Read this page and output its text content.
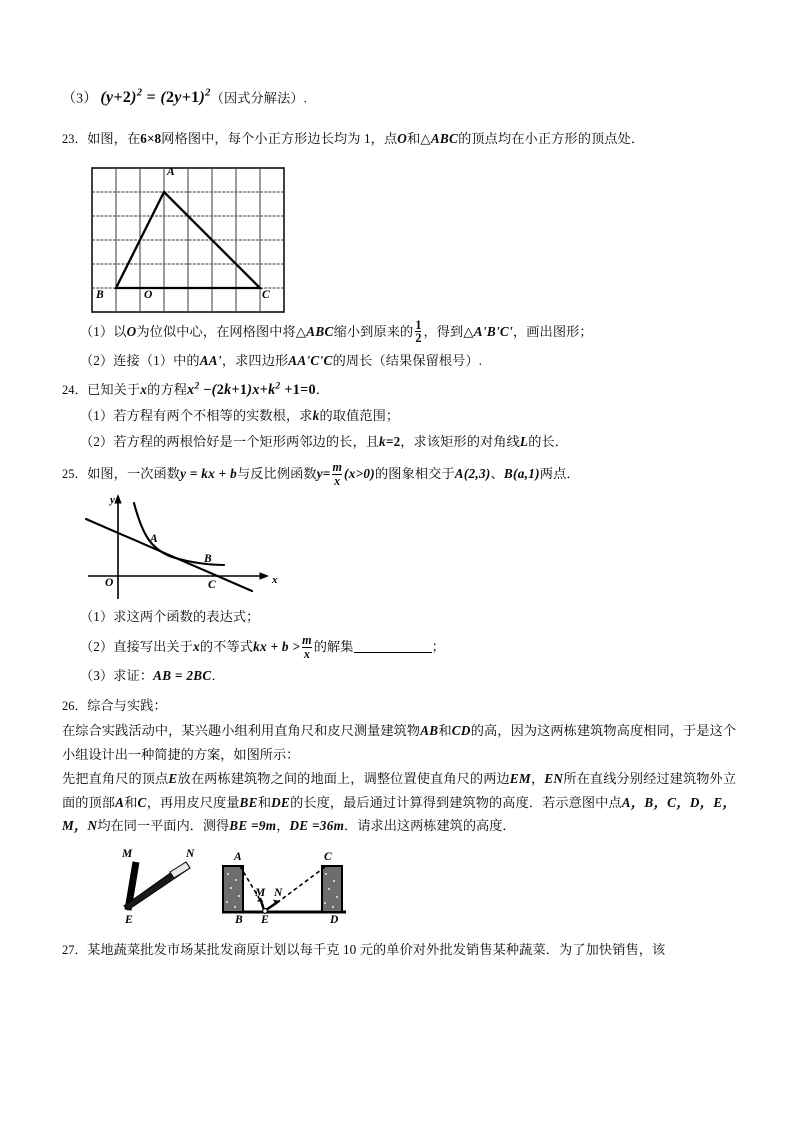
（3） $(y+2)^2 = (2y+1)^2$（因式分解法）.
23．如图，在6×8网格图中，每个小正方形边长均为 1，点O和△ABC的顶点均在小正方形的顶点处．
A
B	O	C
（1）以O为位似中心，在网格图中将△ABC缩小到原来的 $\frac{1}{2}$ ，得到△A'B'C'，画出图形；
（2）连接（1）中的AA'，求四边形AA'C'C的周长（结果保留根号）.
24．已知关于x的方程$x^2 -(2k+1)x+k^2 +1=0$．
（1）若方程有两个不相等的实数根，求k的取值范围；
（2）若方程的两根恰好是一个矩形两邻边的长，且k=2，求该矩形的对角线L的长．
25．如图，一次函数y = kx + b与反比例函数$y= \frac{m}{x} (x>0)$的图象相交于A(2,3)、B(a,1)两点．
y
x
O
A
B
C
（1）求这两个函数的表达式；
（2）直接写出关于x的不等式kx + $b > \frac{m}{x}$ 的解集	；
（3）求证：AB = 2BC．
26．综合与实践：
在综合实践活动中，某兴趣小组利用直角尺和皮尺测量建筑物AB和CD的高，因为这两栋建筑物高度相同，于是这个小组设计出一种简捷的方案，如图所示：
先把直角尺的顶点E放在两栋建筑物之间的地面上，调整位置使直角尺的两边EM，EN所在直线分别经过建筑物外立面的顶部A和C，再用皮尺度量BE和DE的长度，最后通过计算得到建筑物的高度．若示意图中点A，B，C，D，E，M，N均在同一平面内．测得BE =9m，DE =36m．请求出这两栋建筑的高度．
M	N
E
A	C
B	D
E
M N
27．某地蔬菜批发市场某批发商原计划以每千克 10 元的单价对外批发销售某种蔬菜．为了加快销售，该
